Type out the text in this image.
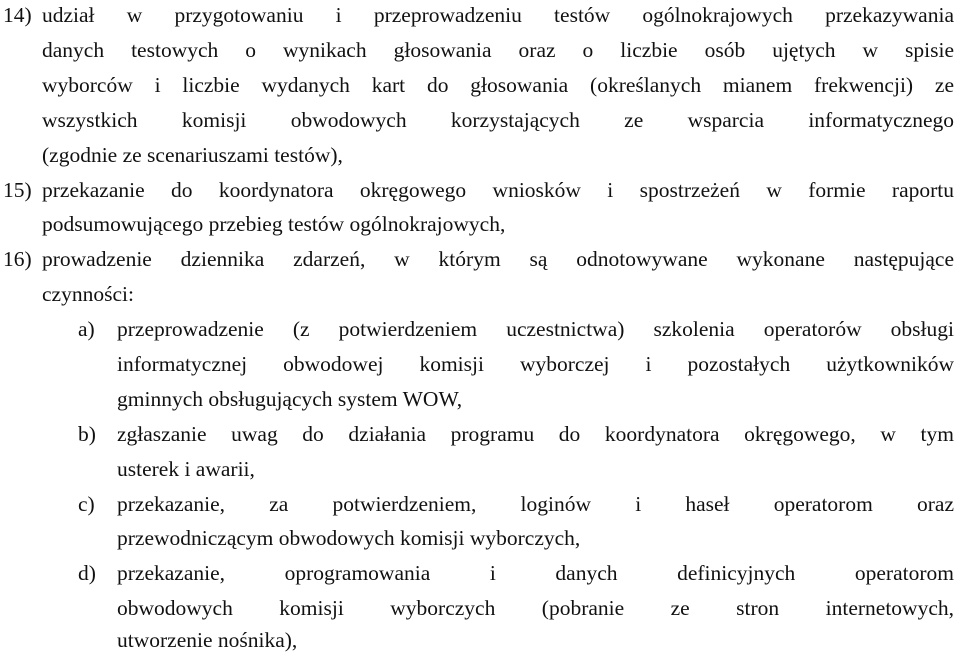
14) udział w przygotowaniu i przeprowadzeniu testów ogólnokrajowych przekazywania
danych testowych o wynikach głosowania oraz o liczbie osób ujętych w spisie
wyborców i liczbie wydanych kart do głosowania (określanych mianem frekwencji) ze
wszystkich komisji obwodowych korzystających ze wsparcia informatycznego
(zgodnie ze scenariuszami testów),
15) przekazanie do koordynatora okręgowego wniosków i spostrzeżeń w formie raportu
podsumowującego przebieg testów ogólnokrajowych,
16) prowadzenie dziennika zdarzeń, w którym są odnotowywane wykonane następujące
czynności:
a) przeprowadzenie (z potwierdzeniem uczestnictwa) szkolenia operatorów obsługi
informatycznej obwodowej komisji wyborczej i pozostałych użytkowników
gminnych obsługujących system WOW,
b) zgłaszanie uwag do działania programu do koordynatora okręgowego, w tym
usterek i awarii,
c) przekazanie, za potwierdzeniem, loginów i haseł operatorom oraz
przewodniczącym obwodowych komisji wyborczych,
d) przekazanie, oprogramowania i danych definicyjnych operatorom
obwodowych komisji wyborczych (pobranie ze stron internetowych,
utworzenie nośnika),
